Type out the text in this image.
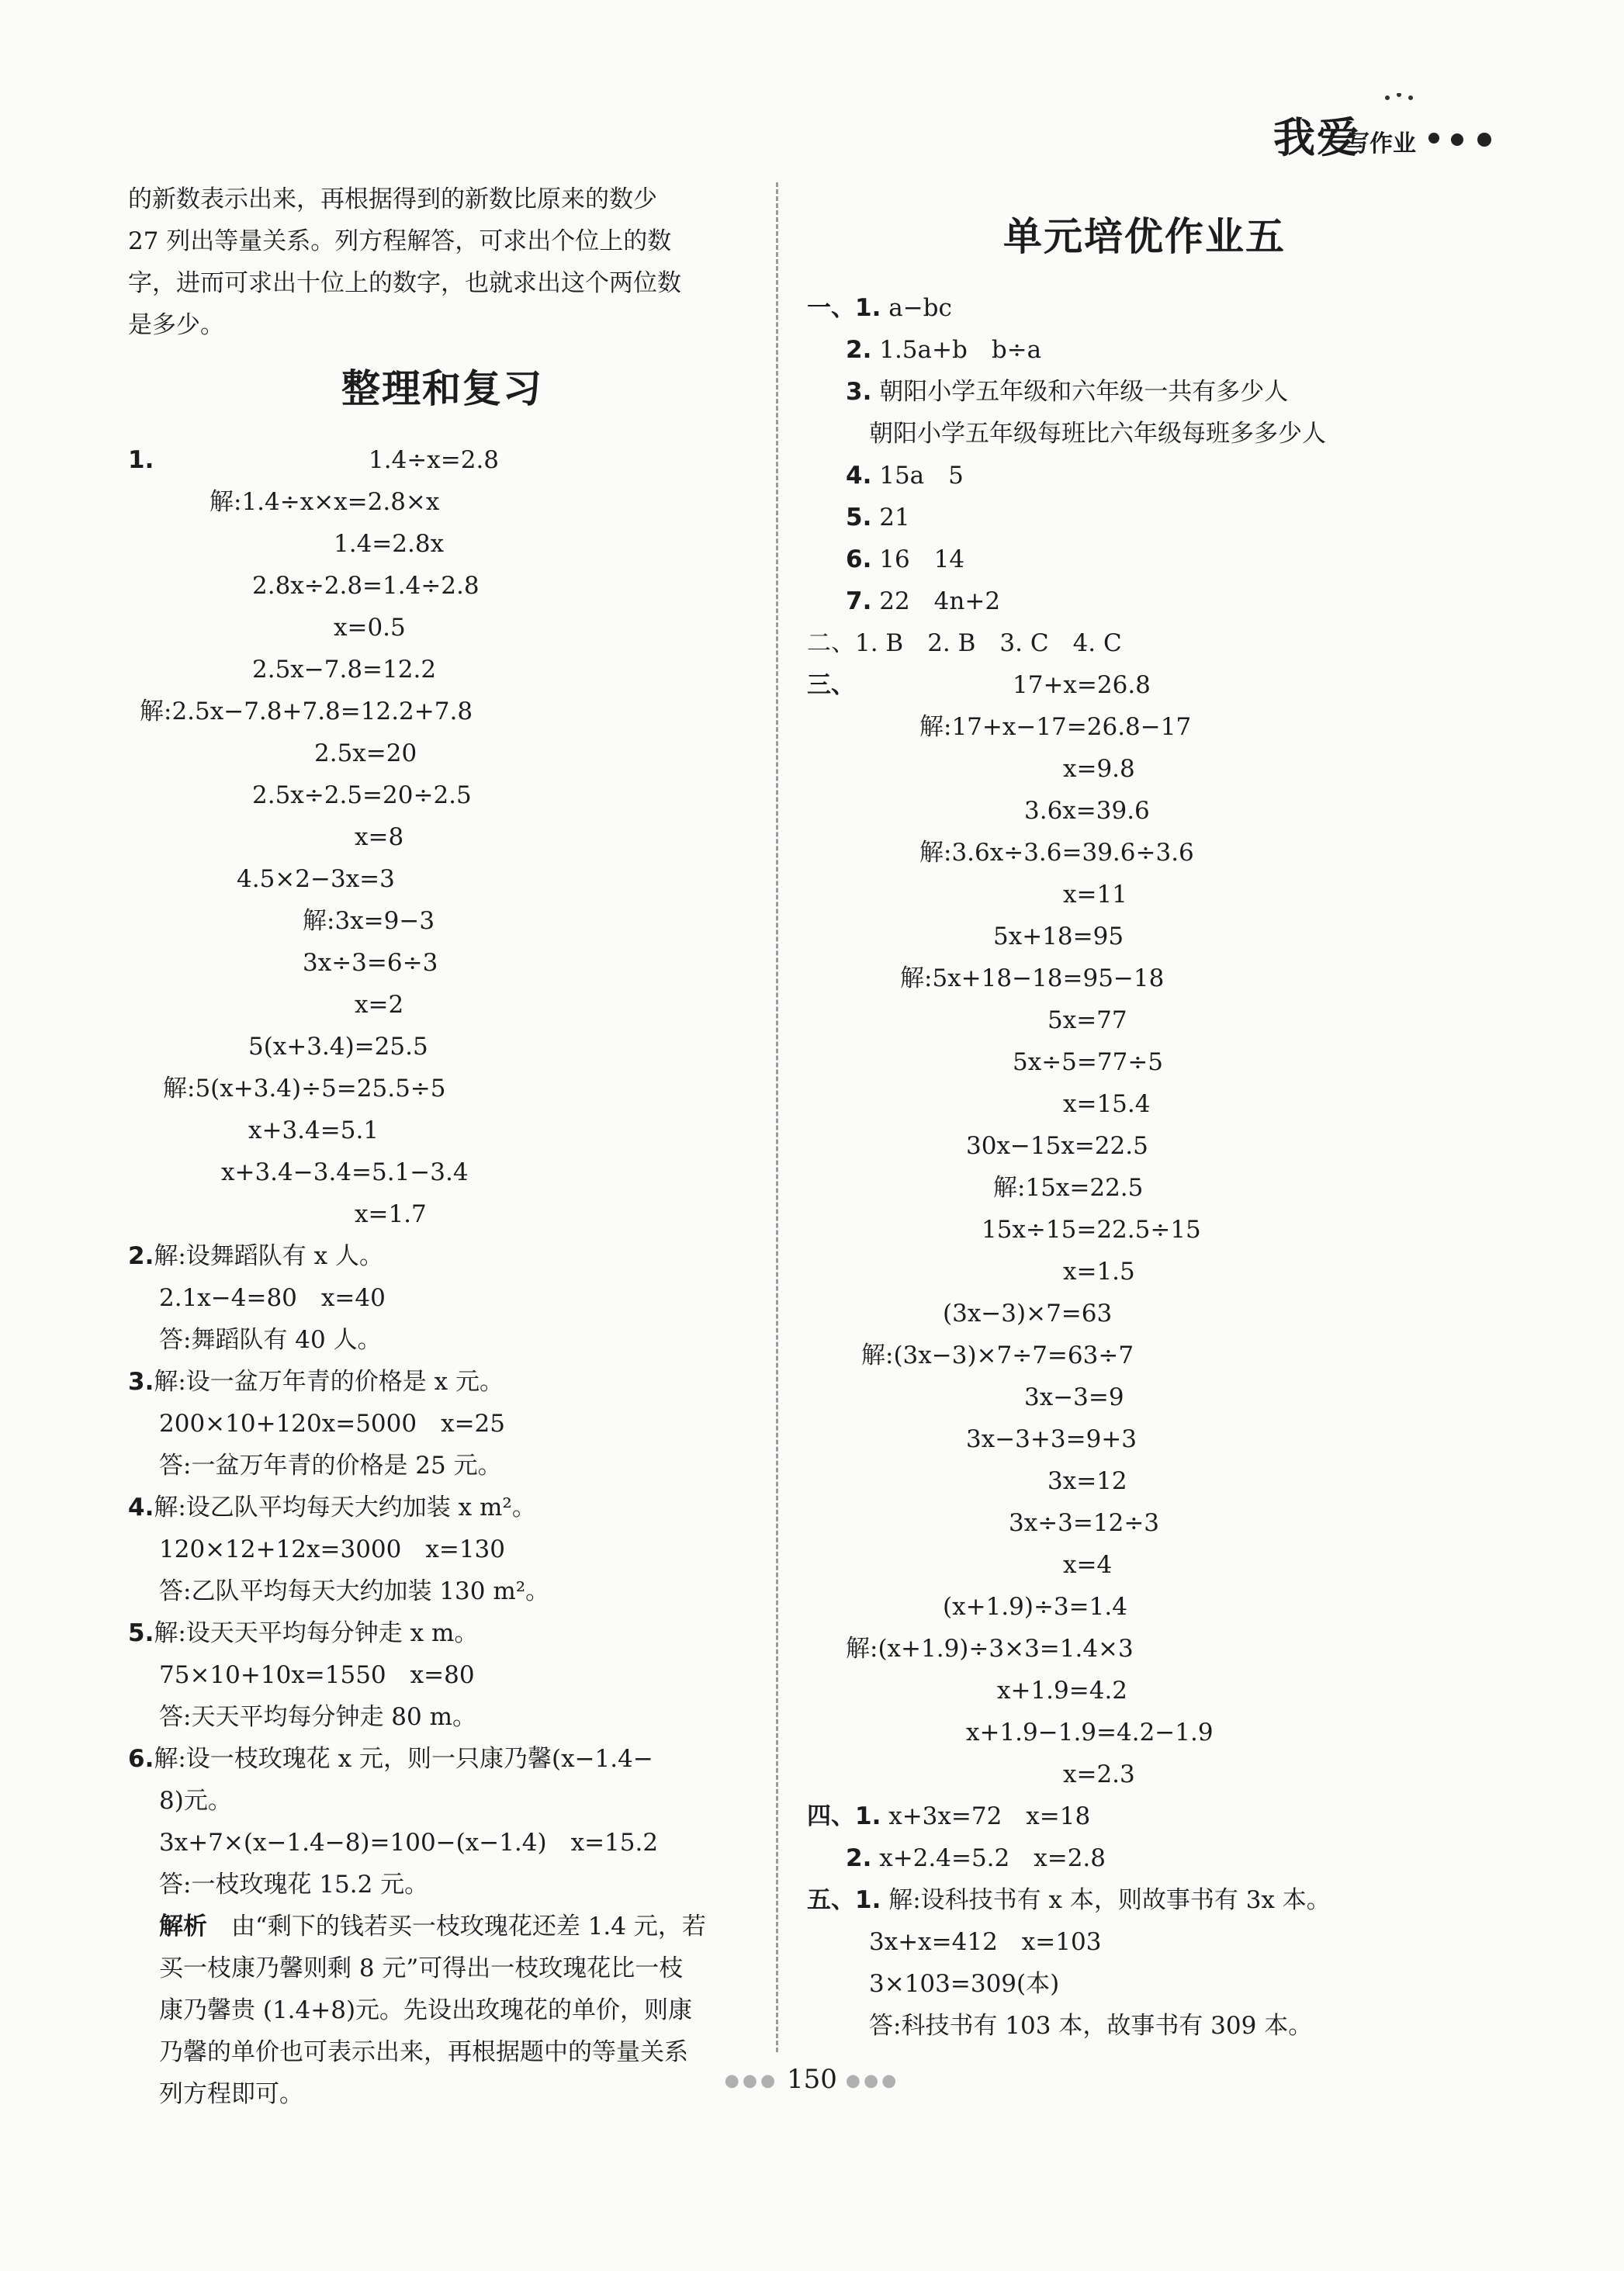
我爱
写作业
的新数表示出来，再根据得到的新数比原来的数少
27 列出等量关系。列方程解答，可求出个位上的数
字，进而可求出十位上的数字，也就求出这个两位数
是多少。
整理和复习
1.	1.4÷x=2.8
解:1.4÷x×x=2.8×x
1.4=2.8x
2.8x÷2.8=1.4÷2.8
x=0.5
2.5x−7.8=12.2
解:2.5x−7.8+7.8=12.2+7.8
2.5x=20
2.5x÷2.5=20÷2.5
x=8
4.5×2−3x=3
解:3x=9−3
3x÷3=6÷3
x=2
5(x+3.4)=25.5
解:5(x+3.4)÷5=25.5÷5
x+3.4=5.1
x+3.4−3.4=5.1−3.4
x=1.7
2.解:设舞蹈队有 x 人。
2.1x−4=80　x=40
答:舞蹈队有 40 人。
3.解:设一盆万年青的价格是 x 元。
200×10+120x=5000　x=25
答:一盆万年青的价格是 25 元。
4.解:设乙队平均每天大约加装 x m²。
120×12+12x=3000　x=130
答:乙队平均每天大约加装 130 m²。
5.解:设天天平均每分钟走 x m。
75×10+10x=1550　x=80
答:天天平均每分钟走 80 m。
6.解:设一枝玫瑰花 x 元，则一只康乃馨(x−1.4−
8)元。
3x+7×(x−1.4−8)=100−(x−1.4)　x=15.2
答:一枝玫瑰花 15.2 元。
解析　 由“剩下的钱若买一枝玫瑰花还差 1.4 元，若
买一枝康乃馨则剩 8 元”可得出一枝玫瑰花比一枝
康乃馨贵 (1.4+8)元。先设出玫瑰花的单价，则康
乃馨的单价也可表示出来，再根据题中的等量关系
列方程即可。
单元培优作业五
一、1. a−bc
2. 1.5a+b　b÷a
3. 朝阳小学五年级和六年级一共有多少人
朝阳小学五年级每班比六年级每班多多少人
4. 15a　5
5. 21
6. 16　14
7. 22　4n+2
二、1. B　2. B　3. C　4. C
三、	17+x=26.8
解:17+x−17=26.8−17
x=9.8
3.6x=39.6
解:3.6x÷3.6=39.6÷3.6
x=11
5x+18=95
解:5x+18−18=95−18
5x=77
5x÷5=77÷5
x=15.4
30x−15x=22.5
解:15x=22.5
15x÷15=22.5÷15
x=1.5
(3x−3)×7=63
解:(3x−3)×7÷7=63÷7
3x−3=9
3x−3+3=9+3
3x=12
3x÷3=12÷3
x=4
(x+1.9)÷3=1.4
解:(x+1.9)÷3×3=1.4×3
x+1.9=4.2
x+1.9−1.9=4.2−1.9
x=2.3
四、1. x+3x=72　x=18
2. x+2.4=5.2　x=2.8
五、1. 解:设科技书有 x 本，则故事书有 3x 本。
3x+x=412　x=103
3×103=309(本)
答:科技书有 103 本，故事书有 309 本。
●●● 150 ●●●
